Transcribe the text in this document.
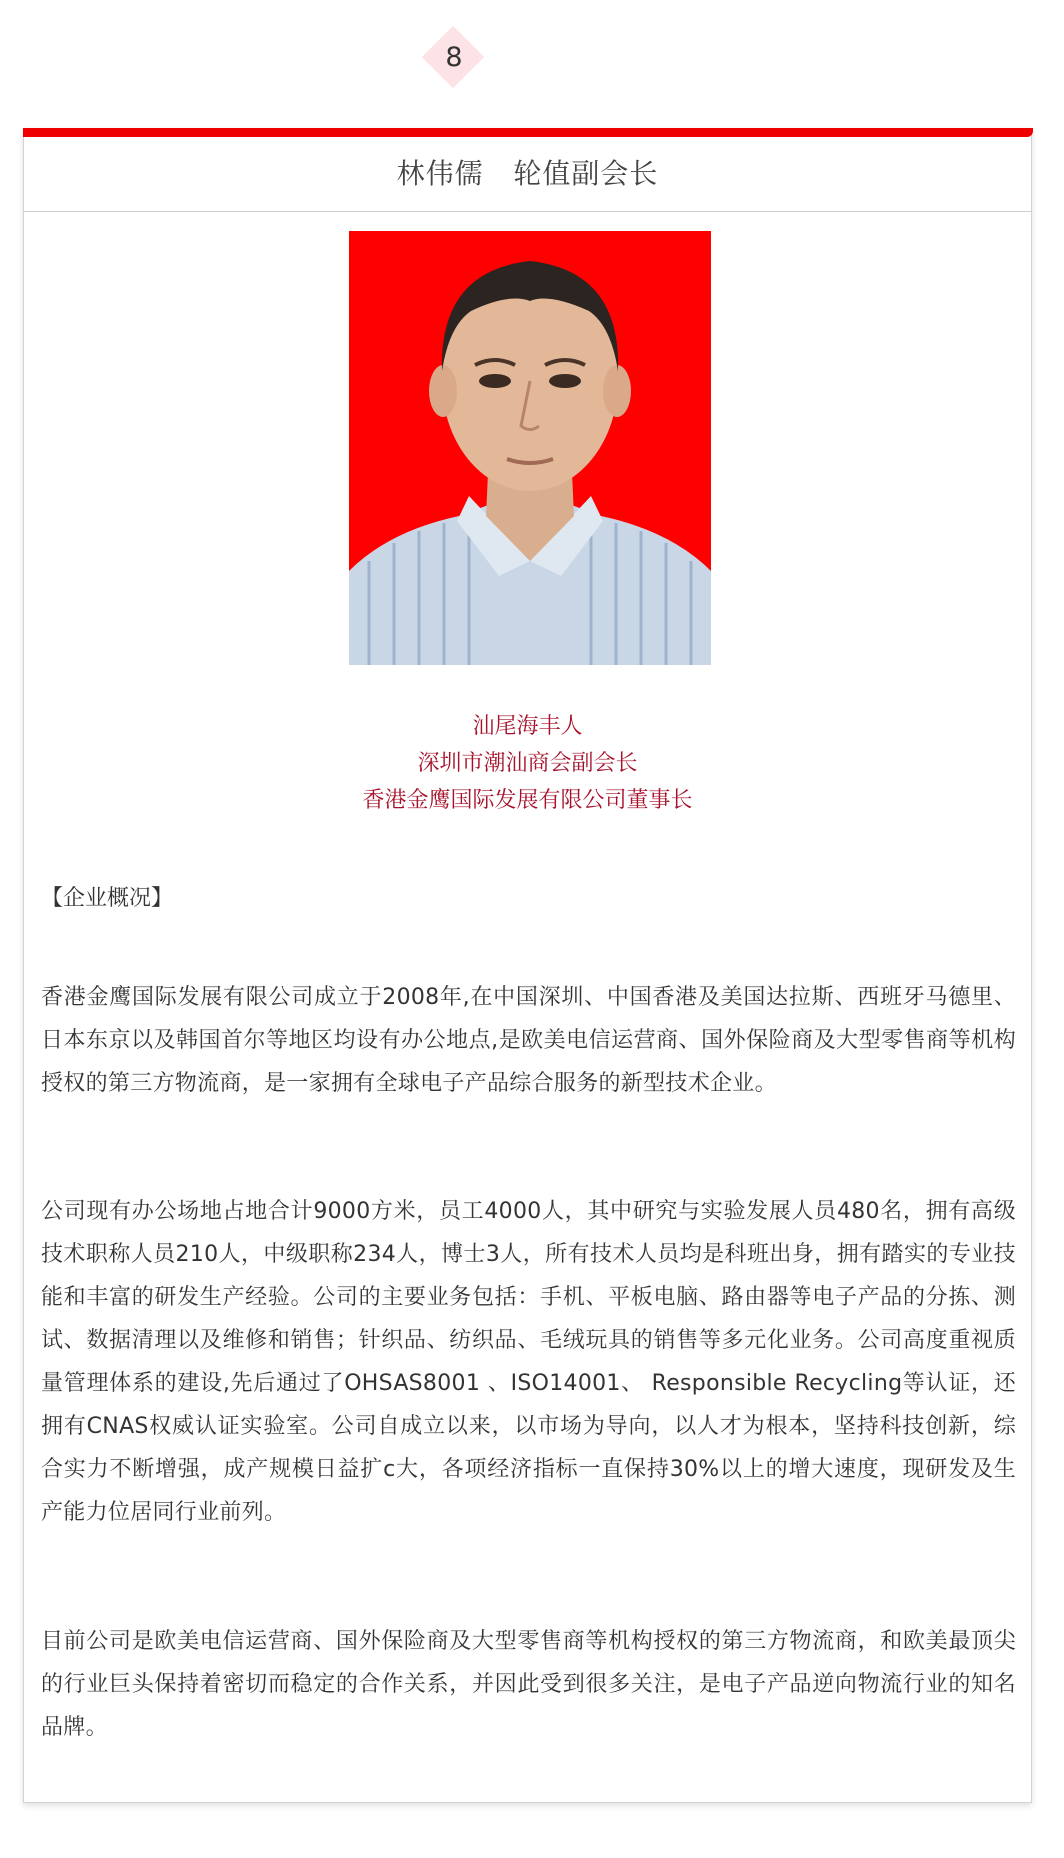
8
林伟儒   轮值副会长
汕尾海丰人
深圳市潮汕商会副会长
香港金鹰国际发展有限公司董事长
【企业概况】
香港金鹰国际发展有限公司成立于2008年,在中国深圳、中国香港及美国达拉斯、西班牙马德里、日本东京以及韩国首尔等地区均设有办公地点,是欧美电信运营商、国外保险商及大型零售商等机构授权的第三方物流商，是一家拥有全球电子产品综合服务的新型技术企业。
公司现有办公场地占地合计9000方米，员工4000人，其中研究与实验发展人员480名，拥有高级技术职称人员210人，中级职称234人，博士3人，所有技术人员均是科班出身，拥有踏实的专业技能和丰富的研发生产经验。公司的主要业务包括：手机、平板电脑、路由器等电子产品的分拣、测试、数据清理以及维修和销售；针织品、纺织品、毛绒玩具的销售等多元化业务。公司高度重视质量管理体系的建设,先后通过了OHSAS8001 、ISO14001、 Responsible Recycling等认证，还拥有CNAS权威认证实验室。公司自成立以来，以市场为导向，以人才为根本，坚持科技创新，综合实力不断增强，成产规模日益扩c大，各项经济指标一直保持30%以上的增大速度，现研发及生产能力位居同行业前列。
目前公司是欧美电信运营商、国外保险商及大型零售商等机构授权的第三方物流商，和欧美最顶尖的行业巨头保持着密切而稳定的合作关系，并因此受到很多关注，是电子产品逆向物流行业的知名品牌。
